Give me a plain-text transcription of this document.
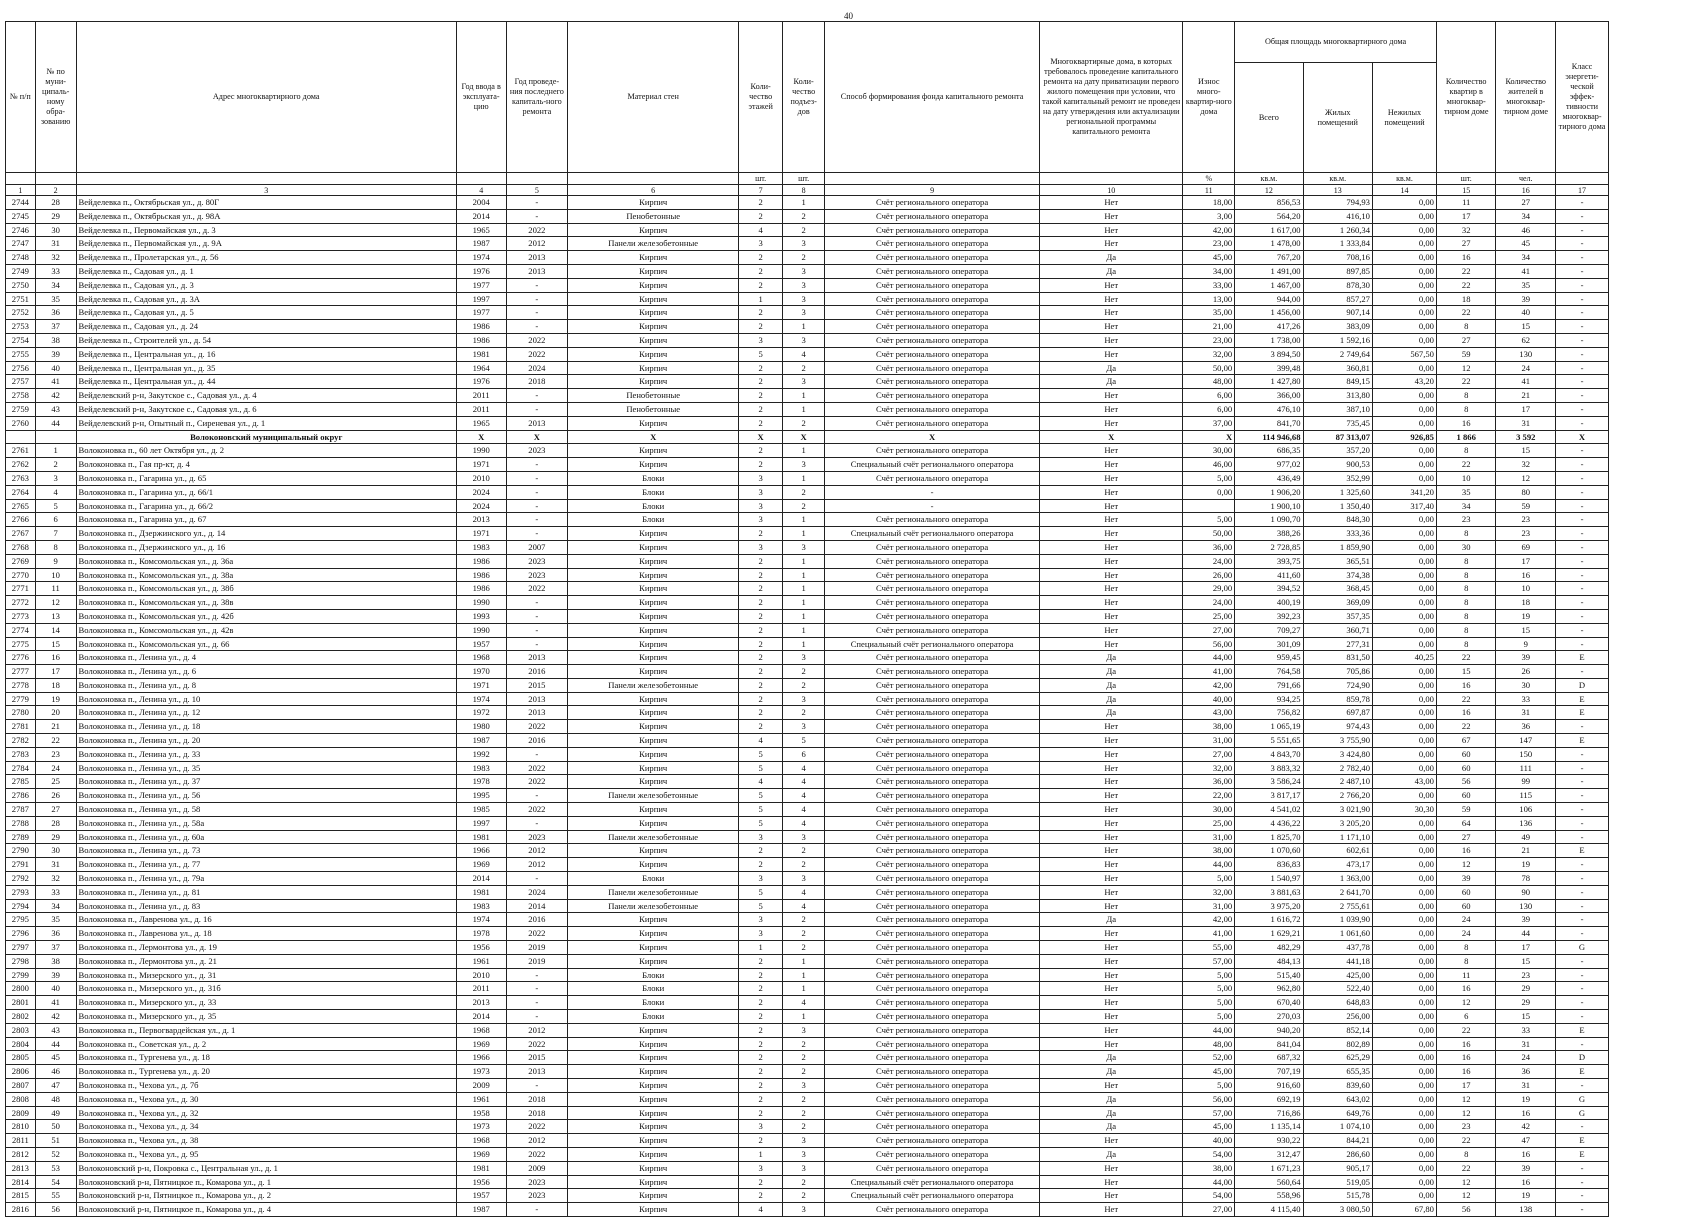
40
№ п/п	№ по муни-ципаль-ному обра-зованию	Адрес многоквартирного дома	Год ввода в эксплуата-цию	Год проведе-ния последнего капиталь-ного ремонта	Материал стен	Коли-чество этажей	Коли-чество подъез-дов	Способ формирования фонда капитального ремонта	Многоквартирные дома, в которых требовалось проведение капитального ремонта на дату приватизации первого жилого помещения при условии, что такой капитальный ремонт не проведен на дату утверждения или актуализации региональной программы капитального ремонта	Износ много-квартир-ного дома	Общая площадь многоквартирного дома			Количество квартир в многоквар-тирном доме	Количество жителей в многоквар-тирном доме	Класс энергети-ческой эффек-тивности многоквар-тирного дома
											Всего	Жилых помещений	Нежилых помещений			
						шт.	шт.			%	кв.м.	кв.м.	кв.м.	шт.	чел.	
1	2	3	4	5	6	7	8	9	10	11	12	13	14	15	16	17
2744	28	Вейделевка п., Октябрьская ул., д. 80Г	2004	-	Кирпич	2	1	Счёт регионального оператора	Нет	18,00	856,53	794,93	0,00	11	27	-
2745	29	Вейделевка п., Октябрьская ул., д. 98А	2014	-	Пенобетонные	2	2	Счёт регионального оператора	Нет	3,00	564,20	416,10	0,00	17	34	-
2746	30	Вейделевка п., Первомайская ул., д. 3	1965	2022	Кирпич	4	2	Счёт регионального оператора	Нет	42,00	1 617,00	1 260,34	0,00	32	46	-
2747	31	Вейделевка п., Первомайская ул., д. 9А	1987	2012	Панели железобетонные	3	3	Счёт регионального оператора	Нет	23,00	1 478,00	1 333,84	0,00	27	45	-
2748	32	Вейделевка п., Пролетарская ул., д. 56	1974	2013	Кирпич	2	2	Счёт регионального оператора	Да	45,00	767,20	708,16	0,00	16	34	-
2749	33	Вейделевка п., Садовая ул., д. 1	1976	2013	Кирпич	2	3	Счёт регионального оператора	Да	34,00	1 491,00	897,85	0,00	22	41	-
2750	34	Вейделевка п., Садовая ул., д. 3	1977	-	Кирпич	2	3	Счёт регионального оператора	Нет	33,00	1 467,00	878,30	0,00	22	35	-
2751	35	Вейделевка п., Садовая ул., д. 3А	1997	-	Кирпич	1	3	Счёт регионального оператора	Нет	13,00	944,00	857,27	0,00	18	39	-
2752	36	Вейделевка п., Садовая ул., д. 5	1977	-	Кирпич	2	3	Счёт регионального оператора	Нет	35,00	1 456,00	907,14	0,00	22	40	-
2753	37	Вейделевка п., Садовая ул., д. 24	1986	-	Кирпич	2	1	Счёт регионального оператора	Нет	21,00	417,26	383,09	0,00	8	15	-
2754	38	Вейделевка п., Строителей ул., д. 54	1986	2022	Кирпич	3	3	Счёт регионального оператора	Нет	23,00	1 738,00	1 592,16	0,00	27	62	-
2755	39	Вейделевка п., Центральная ул., д. 16	1981	2022	Кирпич	5	4	Счёт регионального оператора	Нет	32,00	3 894,50	2 749,64	567,50	59	130	-
2756	40	Вейделевка п., Центральная ул., д. 35	1964	2024	Кирпич	2	2	Счёт регионального оператора	Да	50,00	399,48	360,81	0,00	12	24	-
2757	41	Вейделевка п., Центральная ул., д. 44	1976	2018	Кирпич	2	3	Счёт регионального оператора	Да	48,00	1 427,80	849,15	43,20	22	41	-
2758	42	Вейделевский р-н, Закутское с., Садовая ул., д. 4	2011	-	Пенобетонные	2	1	Счёт регионального оператора	Нет	6,00	366,00	313,80	0,00	8	21	-
2759	43	Вейделевский р-н, Закутское с., Садовая ул., д. 6	2011	-	Пенобетонные	2	1	Счёт регионального оператора	Нет	6,00	476,10	387,10	0,00	8	17	-
2760	44	Вейделевский р-н, Опытный п., Сиреневая ул., д. 1	1965	2013	Кирпич	2	2	Счёт регионального оператора	Нет	37,00	841,70	735,45	0,00	16	31	-
		Волоконовский муниципальный округ	X	X	X	X	X	X	X	X	114 946,68	87 313,07	926,85	1 866	3 592	X
2761	1	Волоконовка п., 60 лет Октября ул., д. 2	1990	2023	Кирпич	2	1	Счёт регионального оператора	Нет	30,00	686,35	357,20	0,00	8	15	-
2762	2	Волоконовка п., Гая пр-кт, д. 4	1971	-	Кирпич	2	3	Специальный счёт регионального оператора	Нет	46,00	977,02	900,53	0,00	22	32	-
2763	3	Волоконовка п., Гагарина ул., д. 65	2010	-	Блоки	3	1	Счёт регионального оператора	Нет	5,00	436,49	352,99	0,00	10	12	-
2764	4	Волоконовка п., Гагарина ул., д. 66/1	2024	-	Блоки	3	2	-	Нет	0,00	1 906,20	1 325,60	341,20	35	80	-
2765	5	Волоконовка п., Гагарина ул., д. 66/2	2024	-	Блоки	3	2	-	Нет		1 900,10	1 350,40	317,40	34	59	-
2766	6	Волоконовка п., Гагарина ул., д. 67	2013	-	Блоки	3	1	Счёт регионального оператора	Нет	5,00	1 090,70	848,30	0,00	23	23	-
2767	7	Волоконовка п., Дзержинского ул., д. 14	1971	-	Кирпич	2	1	Специальный счёт регионального оператора	Нет	50,00	388,26	333,36	0,00	8	23	-
2768	8	Волоконовка п., Дзержинского ул., д. 16	1983	2007	Кирпич	3	3	Счёт регионального оператора	Нет	36,00	2 728,85	1 859,90	0,00	30	69	-
2769	9	Волоконовка п., Комсомольская ул., д. 36а	1986	2023	Кирпич	2	1	Счёт регионального оператора	Нет	24,00	393,75	365,51	0,00	8	17	-
2770	10	Волоконовка п., Комсомольская ул., д. 38а	1986	2023	Кирпич	2	1	Счёт регионального оператора	Нет	26,00	411,60	374,38	0,00	8	16	-
2771	11	Волоконовка п., Комсомольская ул., д. 38б	1986	2022	Кирпич	2	1	Счёт регионального оператора	Нет	29,00	394,52	368,45	0,00	8	10	-
2772	12	Волоконовка п., Комсомольская ул., д. 38в	1990	-	Кирпич	2	1	Счёт регионального оператора	Нет	24,00	400,19	369,09	0,00	8	18	-
2773	13	Волоконовка п., Комсомольская ул., д. 42б	1993	-	Кирпич	2	1	Счёт регионального оператора	Нет	25,00	392,23	357,35	0,00	8	19	-
2774	14	Волоконовка п., Комсомольская ул., д. 42в	1990	-	Кирпич	2	1	Счёт регионального оператора	Нет	27,00	709,27	360,71	0,00	8	15	-
2775	15	Волоконовка п., Комсомольская ул., д. 66	1957	-	Кирпич	2	1	Специальный счёт регионального оператора	Нет	56,00	301,09	277,31	0,00	8	9	-
2776	16	Волоконовка п., Ленина ул., д. 4	1968	2013	Кирпич	2	3	Счёт регионального оператора	Да	44,00	959,45	831,50	40,25	22	39	E
2777	17	Волоконовка п., Ленина ул., д. 6	1970	2016	Кирпич	2	2	Счёт регионального оператора	Да	41,00	764,58	705,86	0,00	15	26	-
2778	18	Волоконовка п., Ленина ул., д. 8	1971	2015	Панели железобетонные	2	2	Счёт регионального оператора	Да	42,00	791,66	724,90	0,00	16	30	D
2779	19	Волоконовка п., Ленина ул., д. 10	1974	2013	Кирпич	2	3	Счёт регионального оператора	Да	40,00	934,25	859,78	0,00	22	33	E
2780	20	Волоконовка п., Ленина ул., д. 12	1972	2013	Кирпич	2	2	Счёт регионального оператора	Да	43,00	756,82	697,87	0,00	16	31	E
2781	21	Волоконовка п., Ленина ул., д. 18	1980	2022	Кирпич	2	3	Счёт регионального оператора	Нет	38,00	1 065,19	974,43	0,00	22	36	-
2782	22	Волоконовка п., Ленина ул., д. 20	1987	2016	Кирпич	4	5	Счёт регионального оператора	Нет	31,00	5 551,65	3 755,90	0,00	67	147	E
2783	23	Волоконовка п., Ленина ул., д. 33	1992	-	Кирпич	5	6	Счёт регионального оператора	Нет	27,00	4 843,70	3 424,80	0,00	60	150	-
2784	24	Волоконовка п., Ленина ул., д. 35	1983	2022	Кирпич	5	4	Счёт регионального оператора	Нет	32,00	3 883,32	2 782,40	0,00	60	111	-
2785	25	Волоконовка п., Ленина ул., д. 37	1978	2022	Кирпич	4	4	Счёт регионального оператора	Нет	36,00	3 586,24	2 487,10	43,00	56	99	-
2786	26	Волоконовка п., Ленина ул., д. 56	1995	-	Панели железобетонные	5	4	Счёт регионального оператора	Нет	22,00	3 817,17	2 766,20	0,00	60	115	-
2787	27	Волоконовка п., Ленина ул., д. 58	1985	2022	Кирпич	5	4	Счёт регионального оператора	Нет	30,00	4 541,02	3 021,90	30,30	59	106	-
2788	28	Волоконовка п., Ленина ул., д. 58а	1997	-	Кирпич	5	4	Счёт регионального оператора	Нет	25,00	4 436,22	3 205,20	0,00	64	136	-
2789	29	Волоконовка п., Ленина ул., д. 60а	1981	2023	Панели железобетонные	3	3	Счёт регионального оператора	Нет	31,00	1 825,70	1 171,10	0,00	27	49	-
2790	30	Волоконовка п., Ленина ул., д. 73	1966	2012	Кирпич	2	2	Счёт регионального оператора	Нет	38,00	1 070,60	602,61	0,00	16	21	E
2791	31	Волоконовка п., Ленина ул., д. 77	1969	2012	Кирпич	2	2	Счёт регионального оператора	Нет	44,00	836,83	473,17	0,00	12	19	-
2792	32	Волоконовка п., Ленина ул., д. 79а	2014	-	Блоки	3	3	Счёт регионального оператора	Нет	5,00	1 540,97	1 363,00	0,00	39	78	-
2793	33	Волоконовка п., Ленина ул., д. 81	1981	2024	Панели железобетонные	5	4	Счёт регионального оператора	Нет	32,00	3 881,63	2 641,70	0,00	60	90	-
2794	34	Волоконовка п., Ленина ул., д. 83	1983	2014	Панели железобетонные	5	4	Счёт регионального оператора	Нет	31,00	3 975,20	2 755,61	0,00	60	130	-
2795	35	Волоконовка п., Лавренова ул., д. 16	1974	2016	Кирпич	3	2	Счёт регионального оператора	Да	42,00	1 616,72	1 039,90	0,00	24	39	-
2796	36	Волоконовка п., Лавренова ул., д. 18	1978	2022	Кирпич	3	2	Счёт регионального оператора	Нет	41,00	1 629,21	1 061,60	0,00	24	44	-
2797	37	Волоконовка п., Лермонтова ул., д. 19	1956	2019	Кирпич	1	2	Счёт регионального оператора	Нет	55,00	482,29	437,78	0,00	8	17	G
2798	38	Волоконовка п., Лермонтова ул., д. 21	1961	2019	Кирпич	2	1	Счёт регионального оператора	Нет	57,00	484,13	441,18	0,00	8	15	-
2799	39	Волоконовка п., Мизерского ул., д. 31	2010	-	Блоки	2	1	Счёт регионального оператора	Нет	5,00	515,40	425,00	0,00	11	23	-
2800	40	Волоконовка п., Мизерского ул., д. 31б	2011	-	Блоки	2	1	Счёт регионального оператора	Нет	5,00	962,80	522,40	0,00	16	29	-
2801	41	Волоконовка п., Мизерского ул., д. 33	2013	-	Блоки	2	4	Счёт регионального оператора	Нет	5,00	670,40	648,83	0,00	12	29	-
2802	42	Волоконовка п., Мизерского ул., д. 35	2014	-	Блоки	2	1	Счёт регионального оператора	Нет	5,00	270,03	256,00	0,00	6	15	-
2803	43	Волоконовка п., Первогвардейская ул., д. 1	1968	2012	Кирпич	2	3	Счёт регионального оператора	Нет	44,00	940,20	852,14	0,00	22	33	E
2804	44	Волоконовка п., Советская ул., д. 2	1969	2022	Кирпич	2	2	Счёт регионального оператора	Нет	48,00	841,04	802,89	0,00	16	31	-
2805	45	Волоконовка п., Тургенева ул., д. 18	1966	2015	Кирпич	2	2	Счёт регионального оператора	Да	52,00	687,32	625,29	0,00	16	24	D
2806	46	Волоконовка п., Тургенева ул., д. 20	1973	2013	Кирпич	2	2	Счёт регионального оператора	Да	45,00	707,19	655,35	0,00	16	36	E
2807	47	Волоконовка п., Чехова ул., д. 7б	2009	-	Кирпич	2	3	Счёт регионального оператора	Нет	5,00	916,60	839,60	0,00	17	31	-
2808	48	Волоконовка п., Чехова ул., д. 30	1961	2018	Кирпич	2	2	Счёт регионального оператора	Да	56,00	692,19	643,02	0,00	12	19	G
2809	49	Волоконовка п., Чехова ул., д. 32	1958	2018	Кирпич	2	2	Счёт регионального оператора	Да	57,00	716,86	649,76	0,00	12	16	G
2810	50	Волоконовка п., Чехова ул., д. 34	1973	2022	Кирпич	3	2	Счёт регионального оператора	Да	45,00	1 135,14	1 074,10	0,00	23	42	-
2811	51	Волоконовка п., Чехова ул., д. 38	1968	2012	Кирпич	2	3	Счёт регионального оператора	Нет	40,00	930,22	844,21	0,00	22	47	E
2812	52	Волоконовка п., Чехова ул., д. 95	1969	2022	Кирпич	1	3	Счёт регионального оператора	Да	54,00	312,47	286,60	0,00	8	16	E
2813	53	Волоконовский р-н, Покровка с., Центральная ул., д. 1	1981	2009	Кирпич	3	3	Счёт регионального оператора	Нет	38,00	1 671,23	905,17	0,00	22	39	-
2814	54	Волоконовский р-н, Пятницкое п., Комарова ул., д. 1	1956	2023	Кирпич	2	2	Специальный счёт регионального оператора	Нет	44,00	560,64	519,05	0,00	12	16	-
2815	55	Волоконовский р-н, Пятницкое п., Комарова ул., д. 2	1957	2023	Кирпич	2	2	Специальный счёт регионального оператора	Нет	54,00	558,96	515,78	0,00	12	19	-
2816	56	Волоконовский р-н, Пятницкое п., Комарова ул., д. 4	1987	-	Кирпич	4	3	Счёт регионального оператора	Нет	27,00	4 115,40	3 080,50	67,80	56	138	-
